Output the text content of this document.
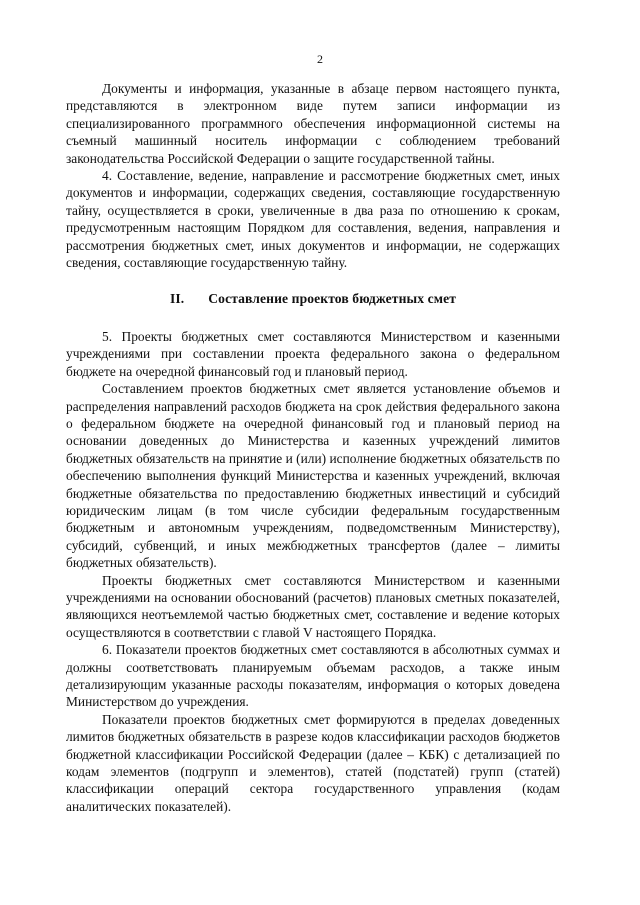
2

Документы и информация, указанные в абзаце первом настоящего пункта, представляются в электронном виде путем записи информации из специализированного программного обеспечения информационной системы на съемный машинный носитель информации с соблюдением требований законодательства Российской Федерации о защите государственной тайны.

4. Составление, ведение, направление и рассмотрение бюджетных смет, иных документов и информации, содержащих сведения, составляющие государственную тайну, осуществляется в сроки, увеличенные в два раза по отношению к срокам, предусмотренным настоящим Порядком для составления, ведения, направления и рассмотрения бюджетных смет, иных документов и информации, не содержащих сведения, составляющие государственную тайну.

II. Составление проектов бюджетных смет

5. Проекты бюджетных смет составляются Министерством и казенными учреждениями при составлении проекта федерального закона о федеральном бюджете на очередной финансовый год и плановый период.

Составлением проектов бюджетных смет является установление объемов и распределения направлений расходов бюджета на срок действия федерального закона о федеральном бюджете на очередной финансовый год и плановый период на основании доведенных до Министерства и казенных учреждений лимитов бюджетных обязательств на принятие и (или) исполнение бюджетных обязательств по обеспечению выполнения функций Министерства и казенных учреждений, включая бюджетные обязательства по предоставлению бюджетных инвестиций и субсидий юридическим лицам (в том числе субсидии федеральным государственным бюджетным и автономным учреждениям, подведомственным Министерству), субсидий, субвенций, и иных межбюджетных трансфертов (далее – лимиты бюджетных обязательств).

Проекты бюджетных смет составляются Министерством и казенными учреждениями на основании обоснований (расчетов) плановых сметных показателей, являющихся неотъемлемой частью бюджетных смет, составление и ведение которых осуществляются в соответствии с главой V настоящего Порядка.

6. Показатели проектов бюджетных смет составляются в абсолютных суммах и должны соответствовать планируемым объемам расходов, а также иным детализирующим указанные расходы показателям, информация о которых доведена Министерством до учреждения.

Показатели проектов бюджетных смет формируются в пределах доведенных лимитов бюджетных обязательств в разрезе кодов классификации расходов бюджетов бюджетной классификации Российской Федерации (далее – КБК) с детализацией по кодам элементов (подгрупп и элементов), статей (подстатей) групп (статей) классификации операций сектора государственного управления (кодам аналитических показателей).
